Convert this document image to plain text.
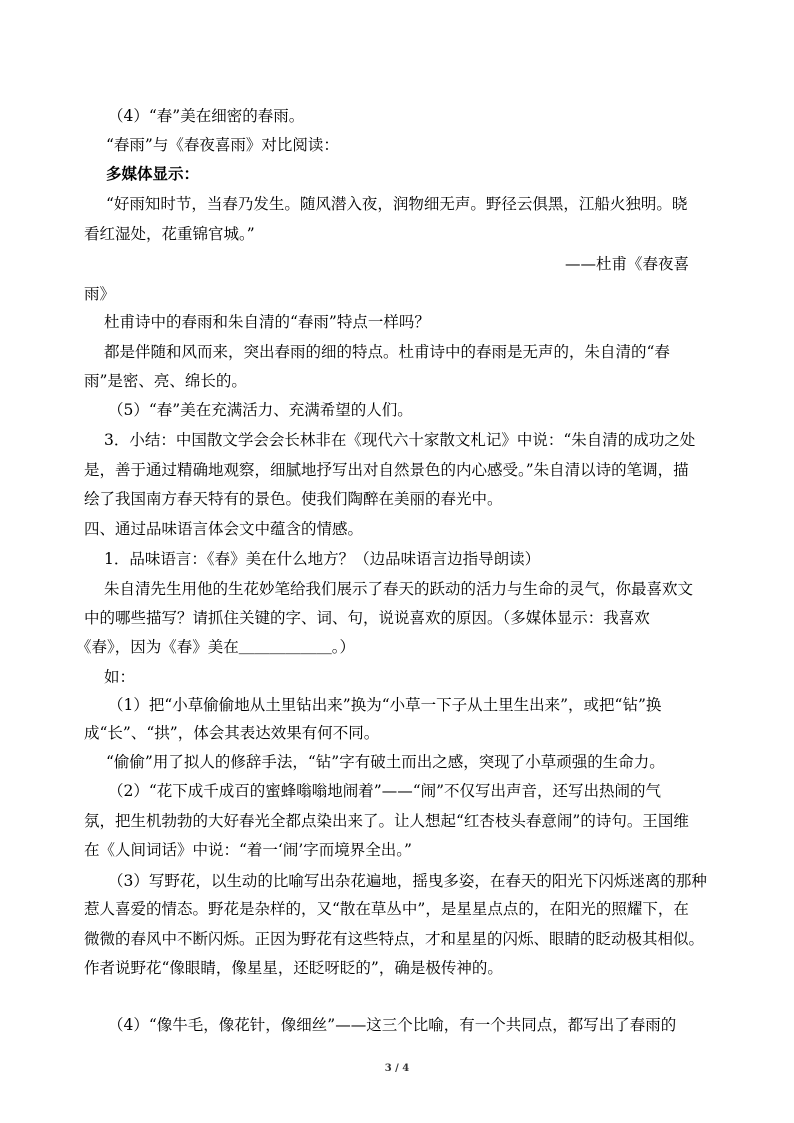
（4）“春”美在细密的春雨。
“春雨”与《春夜喜雨》对比阅读：
多媒体显示：
“好雨知时节，当春乃发生。随风潜入夜，润物细无声。野径云俱黑，江船火独明。晓
看红湿处，花重锦官城。”
——杜甫《春夜喜
雨》
杜甫诗中的春雨和朱自清的“春雨”特点一样吗？
都是伴随和风而来，突出春雨的细的特点。杜甫诗中的春雨是无声的，朱自清的“春
雨”是密、亮、绵长的。
（5）“春”美在充满活力、充满希望的人们。
3．小结：中国散文学会会长林非在《现代六十家散文札记》中说：“朱自清的成功之处
是，善于通过精确地观察，细腻地抒写出对自然景色的内心感受。”朱自清以诗的笔调，描
绘了我国南方春天特有的景色。使我们陶醉在美丽的春光中。
四、通过品味语言体会文中蕴含的情感。
1．品味语言：《春》美在什么地方？（边品味语言边指导朗读）
朱自清先生用他的生花妙笔给我们展示了春天的跃动的活力与生命的灵气，你最喜欢文
中的哪些描写？请抓住关键的字、词、句，说说喜欢的原因。（多媒体显示：我喜欢
《春》，因为《春》美在＿＿＿＿＿＿。）
如：
（1）把“小草偷偷地从土里钻出来”换为“小草一下子从土里生出来”，或把“钻”换
成“长”、“拱”，体会其表达效果有何不同。
“偷偷”用了拟人的修辞手法，“钻”字有破土而出之感，突现了小草顽强的生命力。
（2）“花下成千成百的蜜蜂嗡嗡地闹着”——“闹”不仅写出声音，还写出热闹的气
氛，把生机勃勃的大好春光全都点染出来了。让人想起“红杏枝头春意闹”的诗句。王国维
在《人间词话》中说：“着一‘闹’字而境界全出。”
（3）写野花，以生动的比喻写出杂花遍地，摇曳多姿，在春天的阳光下闪烁迷离的那种
惹人喜爱的情态。野花是杂样的，又“散在草丛中”，是星星点点的，在阳光的照耀下，在
微微的春风中不断闪烁。正因为野花有这些特点，才和星星的闪烁、眼睛的眨动极其相似。
作者说野花“像眼睛，像星星，还眨呀眨的”，确是极传神的。
（4）“像牛毛，像花针，像细丝”——这三个比喻，有一个共同点，都写出了春雨的
3 / 4
